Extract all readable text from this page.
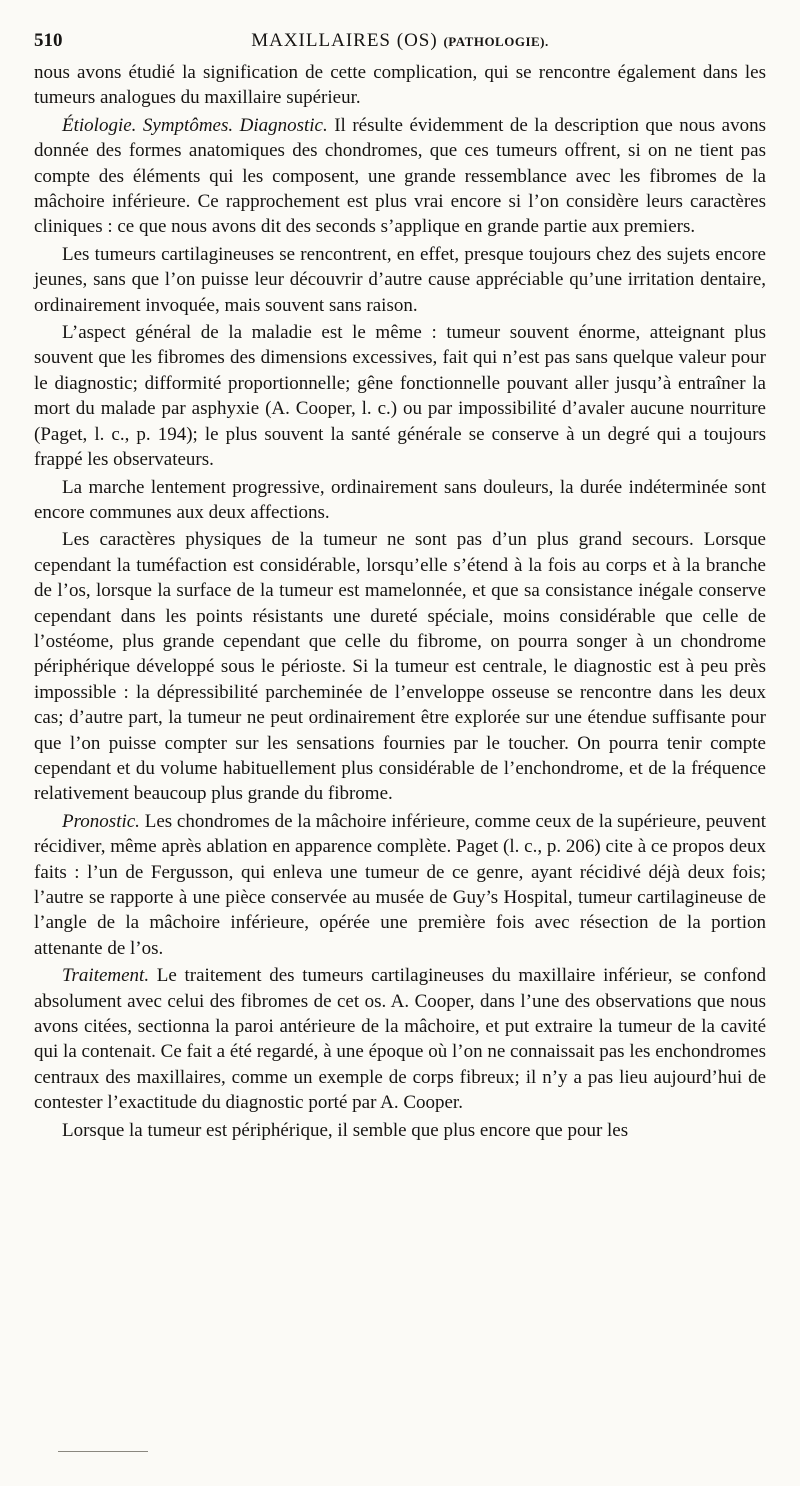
510	MAXILLAIRES (OS) (PATHOLOGIE).

nous avons étudié la signification de cette complication, qui se rencontre également dans les tumeurs analogues du maxillaire supérieur.

Étiologie. Symptômes. Diagnostic. Il résulte évidemment de la description que nous avons donnée des formes anatomiques des chondromes, que ces tumeurs offrent, si on ne tient pas compte des éléments qui les composent, une grande ressemblance avec les fibromes de la mâchoire inférieure. Ce rapprochement est plus vrai encore si l’on considère leurs caractères cliniques : ce que nous avons dit des seconds s’applique en grande partie aux premiers.

Les tumeurs cartilagineuses se rencontrent, en effet, presque toujours chez des sujets encore jeunes, sans que l’on puisse leur découvrir d’autre cause appréciable qu’une irritation dentaire, ordinairement invoquée, mais souvent sans raison.

L’aspect général de la maladie est le même : tumeur souvent énorme, atteignant plus souvent que les fibromes des dimensions excessives, fait qui n’est pas sans quelque valeur pour le diagnostic; difformité proportionnelle; gêne fonctionnelle pouvant aller jusqu’à entraîner la mort du malade par asphyxie (A. Cooper, l. c.) ou par impossibilité d’avaler aucune nourriture (Paget, l. c., p. 194); le plus souvent la santé générale se conserve à un degré qui a toujours frappé les observateurs.

La marche lentement progressive, ordinairement sans douleurs, la durée indéterminée sont encore communes aux deux affections.

Les caractères physiques de la tumeur ne sont pas d’un plus grand secours. Lorsque cependant la tuméfaction est considérable, lorsqu’elle s’étend à la fois au corps et à la branche de l’os, lorsque la surface de la tumeur est mamelonnée, et que sa consistance inégale conserve cependant dans les points résistants une dureté spéciale, moins considérable que celle de l’ostéome, plus grande cependant que celle du fibrome, on pourra songer à un chondrome périphérique développé sous le périoste. Si la tumeur est centrale, le diagnostic est à peu près impossible : la dépressibilité parcheminée de l’enveloppe osseuse se rencontre dans les deux cas; d’autre part, la tumeur ne peut ordinairement être explorée sur une étendue suffisante pour que l’on puisse compter sur les sensations fournies par le toucher. On pourra tenir compte cependant et du volume habituellement plus considérable de l’enchondrome, et de la fréquence relativement beaucoup plus grande du fibrome.

Pronostic. Les chondromes de la mâchoire inférieure, comme ceux de la supérieure, peuvent récidiver, même après ablation en apparence complète. Paget (l. c., p. 206) cite à ce propos deux faits : l’un de Fergusson, qui enleva une tumeur de ce genre, ayant récidivé déjà deux fois; l’autre se rapporte à une pièce conservée au musée de Guy’s Hospital, tumeur cartilagineuse de l’angle de la mâchoire inférieure, opérée une première fois avec résection de la portion attenante de l’os.

Traitement. Le traitement des tumeurs cartilagineuses du maxillaire inférieur, se confond absolument avec celui des fibromes de cet os. A. Cooper, dans l’une des observations que nous avons citées, sectionna la paroi antérieure de la mâchoire, et put extraire la tumeur de la cavité qui la contenait. Ce fait a été regardé, à une époque où l’on ne connaissait pas les enchondromes centraux des maxillaires, comme un exemple de corps fibreux; il n’y a pas lieu aujourd’hui de contester l’exactitude du diagnostic porté par A. Cooper.

Lorsque la tumeur est périphérique, il semble que plus encore que pour les
